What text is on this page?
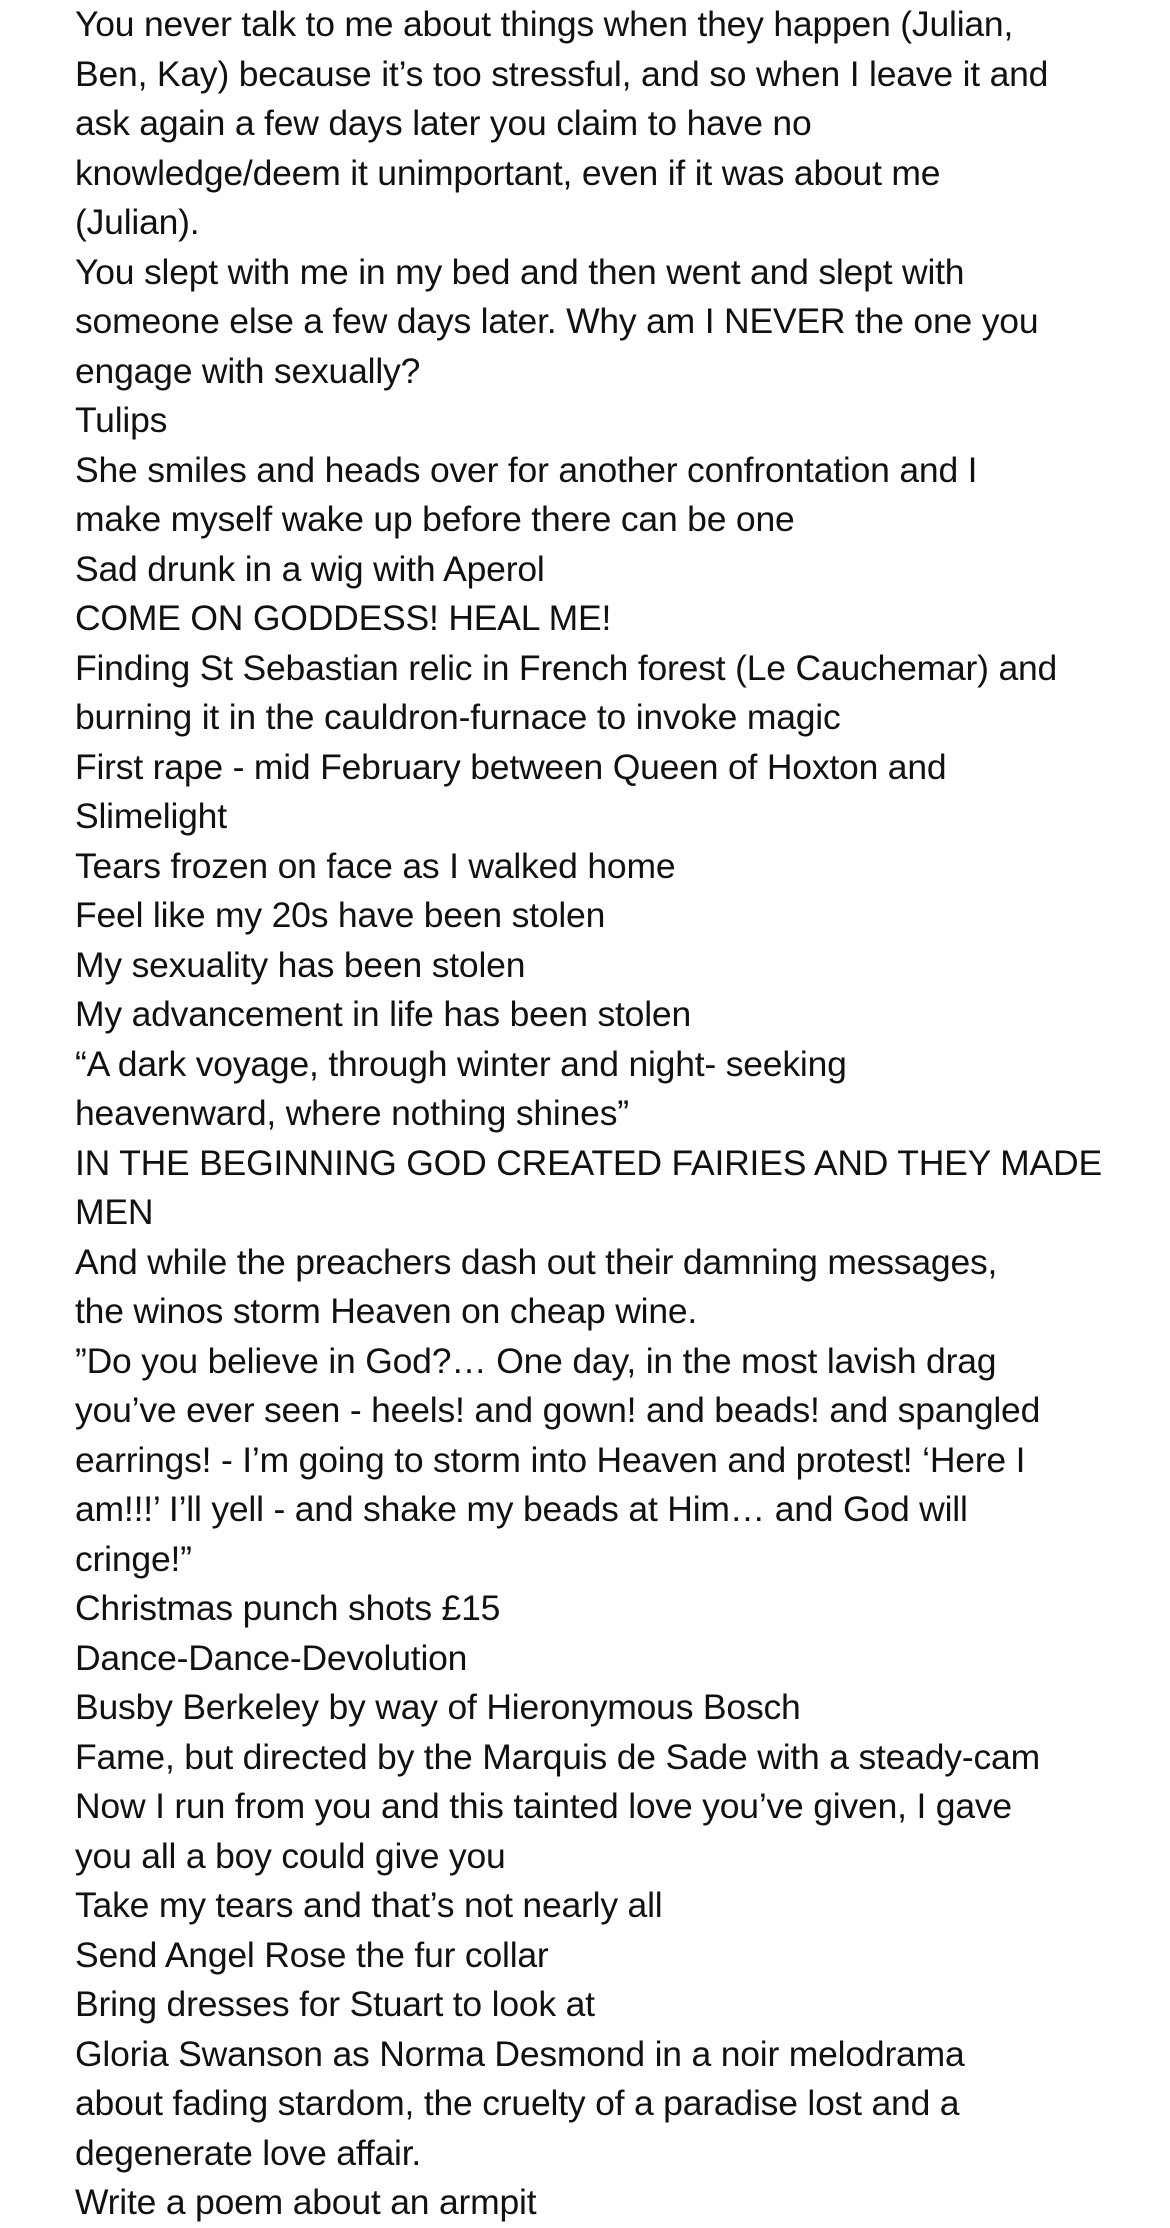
You never talk to me about things when they happen (Julian,
Ben, Kay) because it’s too stressful, and so when I leave it and
ask again a few days later you claim to have no
knowledge/deem it unimportant, even if it was about me
(Julian).
You slept with me in my bed and then went and slept with
someone else a few days later. Why am I NEVER the one you
engage with sexually?
Tulips
She smiles and heads over for another confrontation and I
make myself wake up before there can be one
Sad drunk in a wig with Aperol
COME ON GODDESS! HEAL ME!
Finding St Sebastian relic in French forest (Le Cauchemar) and
burning it in the cauldron-furnace to invoke magic
First rape - mid February between Queen of Hoxton and
Slimelight
Tears frozen on face as I walked home
Feel like my 20s have been stolen
My sexuality has been stolen
My advancement in life has been stolen
“A dark voyage, through winter and night- seeking
heavenward, where nothing shines”
IN THE BEGINNING GOD CREATED FAIRIES AND THEY MADE
MEN
And while the preachers dash out their damning messages,
the winos storm Heaven on cheap wine.
”Do you believe in God?… One day, in the most lavish drag
you’ve ever seen - heels! and gown! and beads! and spangled
earrings! - I’m going to storm into Heaven and protest! ‘Here I
am!!!’ I’ll yell - and shake my beads at Him… and God will
cringe!”
Christmas punch shots £15
Dance-Dance-Devolution
Busby Berkeley by way of Hieronymous Bosch
Fame, but directed by the Marquis de Sade with a steady-cam
Now I run from you and this tainted love you’ve given, I gave
you all a boy could give you
Take my tears and that’s not nearly all
Send Angel Rose the fur collar
Bring dresses for Stuart to look at
Gloria Swanson as Norma Desmond in a noir melodrama
about fading stardom, the cruelty of a paradise lost and a
degenerate love affair.
Write a poem about an armpit
